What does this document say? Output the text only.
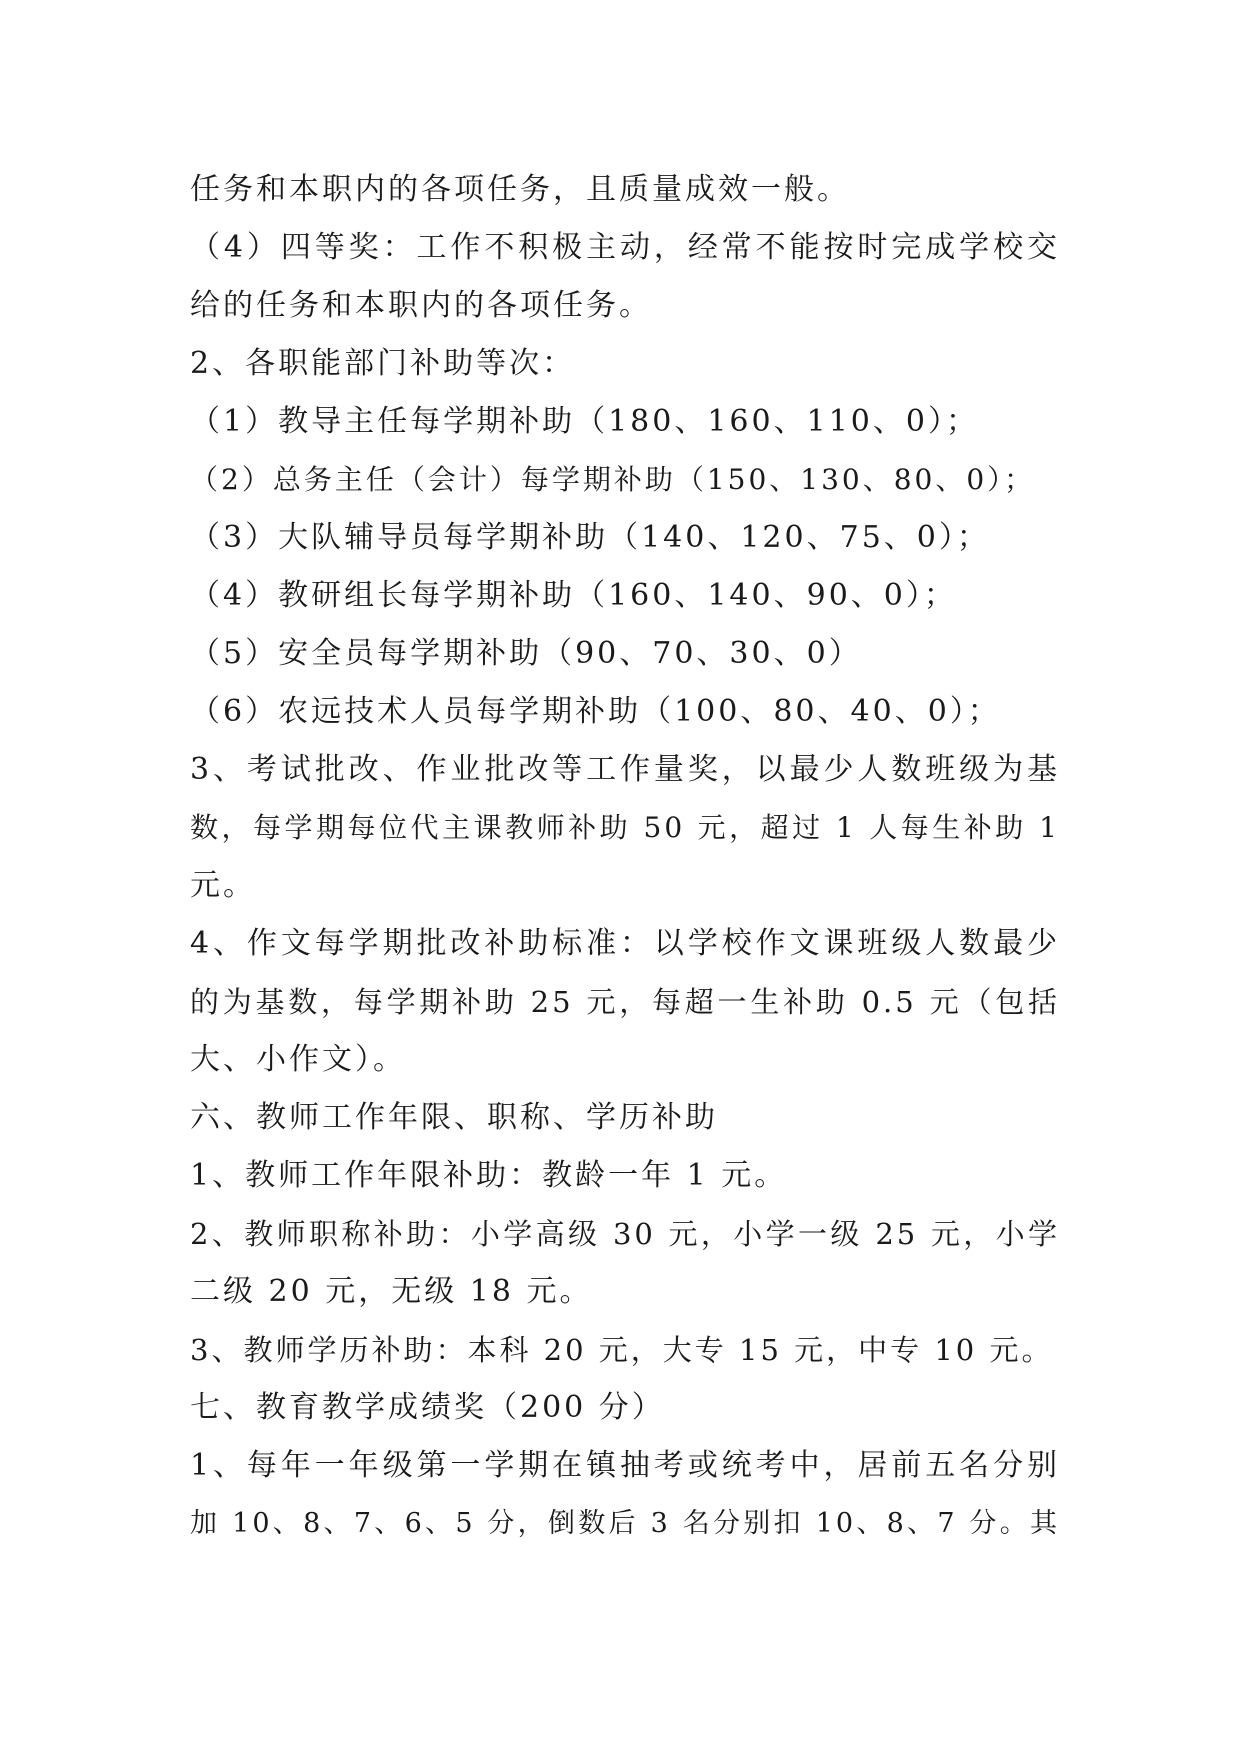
任务和本职内的各项任务，且质量成效一般。
（4）四等奖：工作不积极主动，经常不能按时完成学校交
给的任务和本职内的各项任务。
2、各职能部门补助等次：
（1）教导主任每学期补助（180、160、110、0）；
（2）总务主任（会计）每学期补助（150、130、80、0）；
（3）大队辅导员每学期补助（140、120、75、0）；
（4）教研组长每学期补助（160、140、90、0）；
（5）安全员每学期补助（90、70、30、0）
（6）农远技术人员每学期补助（100、80、40、0）；
3、考试批改、作业批改等工作量奖，以最少人数班级为基
数，每学期每位代主课教师补助 50 元，超过 1 人每生补助 1
元。
4、作文每学期批改补助标准：以学校作文课班级人数最少
的为基数，每学期补助 25 元，每超一生补助 0.5 元（包括
大、小作文）。
六、教师工作年限、职称、学历补助
1、教师工作年限补助：教龄一年 1 元。
2、教师职称补助：小学高级 30 元，小学一级 25 元，小学
二级 20 元，无级 18 元。
3、教师学历补助：本科 20 元，大专 15 元，中专 10 元。
七、教育教学成绩奖（200 分）
1、每年一年级第一学期在镇抽考或统考中，居前五名分别
加 10、8、7、6、5 分，倒数后 3 名分别扣 10、8、7 分。其
